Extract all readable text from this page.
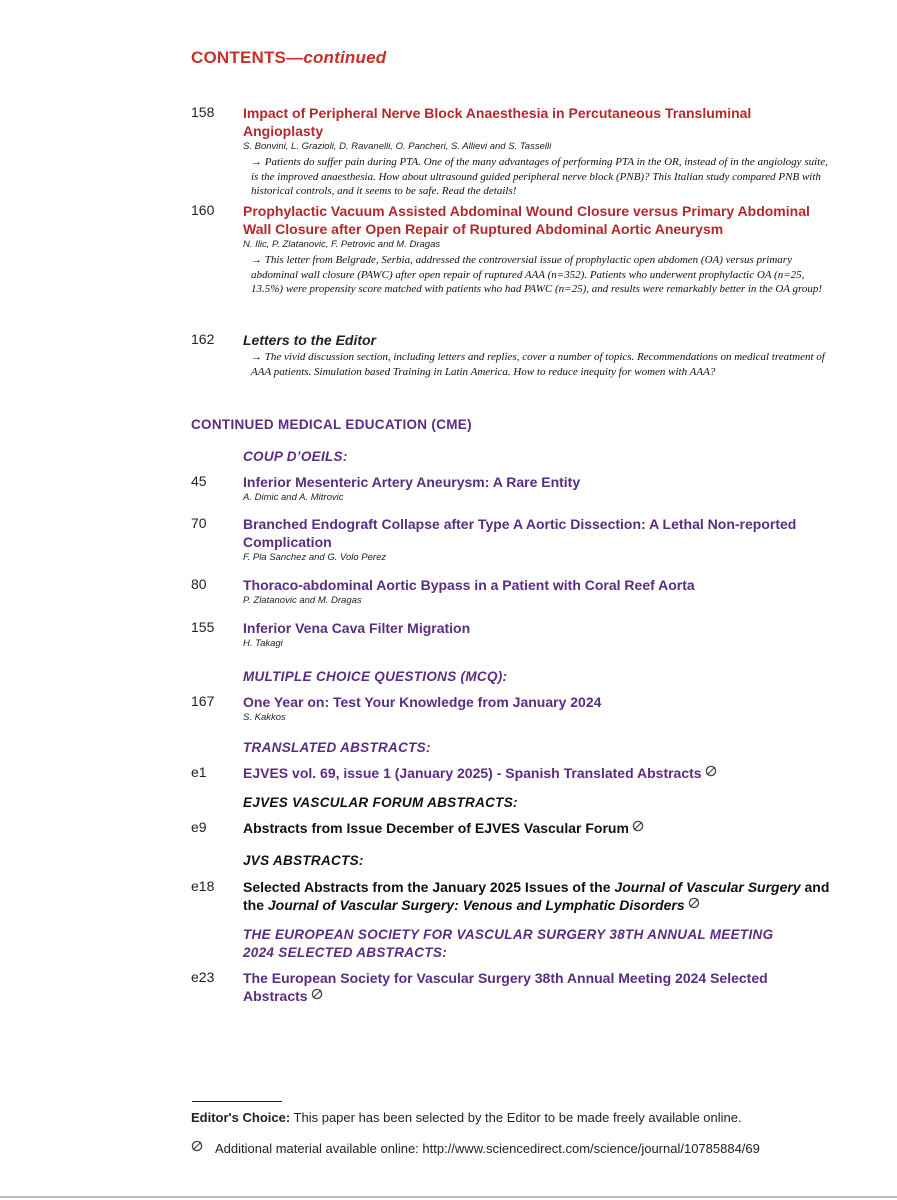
CONTENTS—continued
158 Impact of Peripheral Nerve Block Anaesthesia in Percutaneous Transluminal Angioplasty
S. Bonvini, L. Grazioli, D. Ravanelli, O. Pancheri, S. Allievi and S. Tasselli
→ Patients do suffer pain during PTA. One of the many advantages of performing PTA in the OR, instead of in the angiology suite, is the improved anaesthesia. How about ultrasound guided peripheral nerve block (PNB)? This Italian study compared PNB with historical controls, and it seems to be safe. Read the details!
160 Prophylactic Vacuum Assisted Abdominal Wound Closure versus Primary Abdominal Wall Closure after Open Repair of Ruptured Abdominal Aortic Aneurysm
N. Ilic, P. Zlatanovic, F. Petrovic and M. Dragas
→ This letter from Belgrade, Serbia, addressed the controversial issue of prophylactic open abdomen (OA) versus primary abdominal wall closure (PAWC) after open repair of ruptured AAA (n=352). Patients who underwent prophylactic OA (n=25, 13.5%) were propensity score matched with patients who had PAWC (n=25), and results were remarkably better in the OA group!
162 Letters to the Editor
→ The vivid discussion section, including letters and replies, cover a number of topics. Recommendations on medical treatment of AAA patients. Simulation based Training in Latin America. How to reduce inequity for women with AAA?
CONTINUED MEDICAL EDUCATION (CME)
COUP D’OEILS:
45	Inferior Mesenteric Artery Aneurysm: A Rare Entity
A. Dimic and A. Mitrovic
70	Branched Endograft Collapse after Type A Aortic Dissection: A Lethal Non-reported Complication
F. Pla Sanchez and G. Volo Perez
80	Thoraco-abdominal Aortic Bypass in a Patient with Coral Reef Aorta
P. Zlatanovic and M. Dragas
155 Inferior Vena Cava Filter Migration
H. Takagi
MULTIPLE CHOICE QUESTIONS (MCQ):
167 One Year on: Test Your Knowledge from January 2024
S. Kakkos
TRANSLATED ABSTRACTS:
e1	EJVES vol. 69, issue 1 (January 2025) - Spanish Translated Abstracts
EJVES VASCULAR FORUM ABSTRACTS:
e9	Abstracts from Issue December of EJVES Vascular Forum
JVS ABSTRACTS:
e18 Selected Abstracts from the January 2025 Issues of the Journal of Vascular Surgery and the Journal of Vascular Surgery: Venous and Lymphatic Disorders
THE EUROPEAN SOCIETY FOR VASCULAR SURGERY 38TH ANNUAL MEETING 2024 SELECTED ABSTRACTS:
e23 The European Society for Vascular Surgery 38th Annual Meeting 2024 Selected Abstracts
Editor's Choice: This paper has been selected by the Editor to be made freely available online.
Additional material available online: http://www.sciencedirect.com/science/journal/10785884/69
